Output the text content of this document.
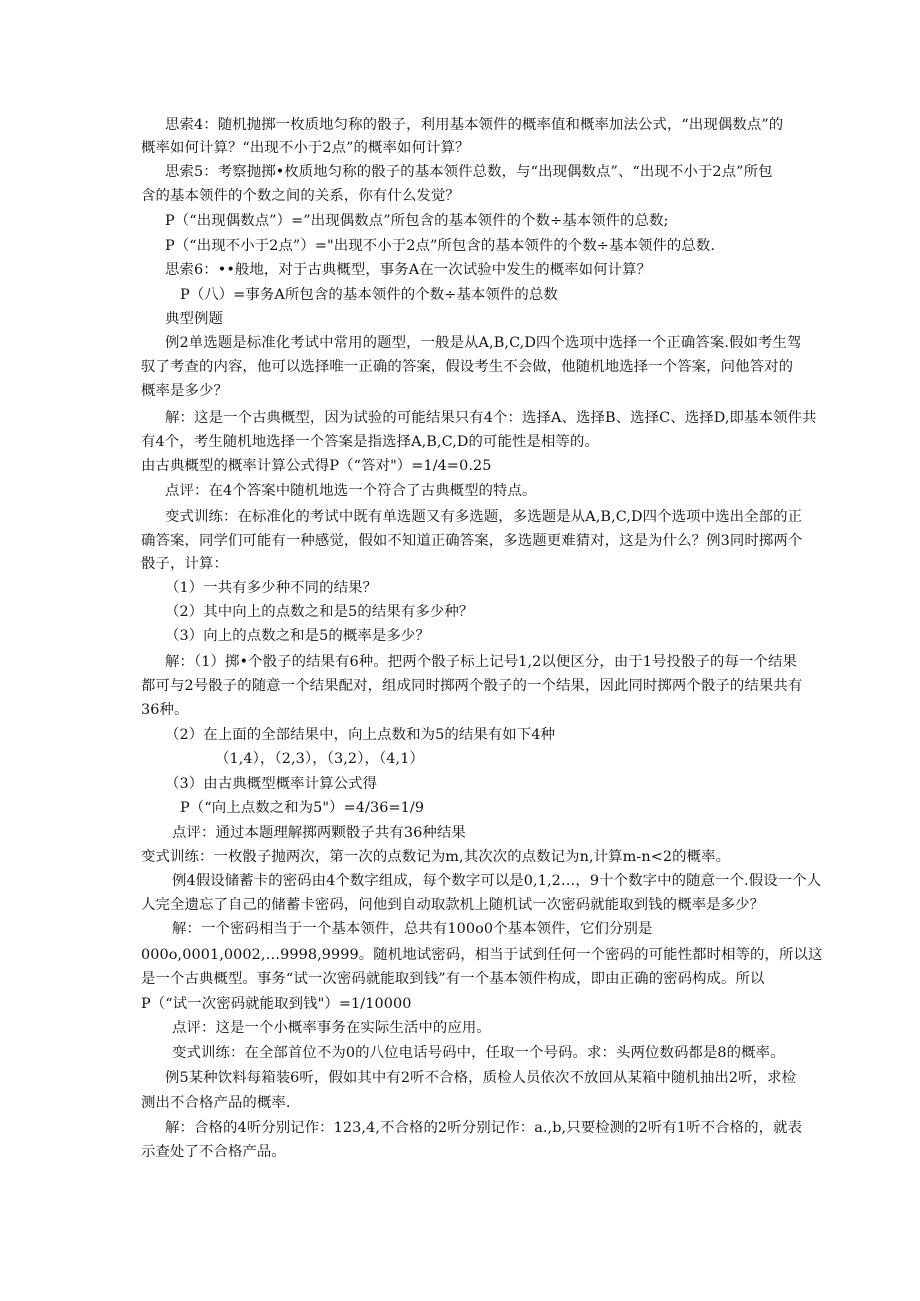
思索4：随机抛掷一枚质地匀称的骰子，利用基本领件的概率值和概率加法公式，“出现偶数点”的
概率如何计算？“出现不小于2点”的概率如何计算？
思索5：考察抛掷•枚质地匀称的骰子的基本领件总数，与“出现偶数点”、“出现不小于2点”所包
含的基本领件的个数之间的关系，你有什么发觉？
P（“出现偶数点”）=”出现偶数点”所包含的基本领件的个数÷基本领件的总数;
P（“出现不小于2点”）="出现不小于2点”所包含的基本领件的个数÷基本领件的总数.
思索6：••般地，对于古典概型，事务A在一次试验中发生的概率如何计算？
P（八）=事务A所包含的基本领件的个数÷基本领件的总数
典型例题
例2单选题是标准化考试中常用的题型，一般是从A,B,C,D四个选项中选择一个正确答案.假如考生驾
驭了考查的内容，他可以选择唯一正确的答案，假设考生不会做，他随机地选择一个答案，问他答对的
概率是多少？
解：这是一个古典概型，因为试验的可能结果只有4个：选择A、选择B、选择C、选择D,即基本领件共
有4个，考生随机地选择一个答案是指选择A,B,C,D的可能性是相等的。
由古典概型的概率计算公式得P（“答对"）=1/4=0.25
点评：在4个答案中随机地选一个符合了古典概型的特点。
变式训练：在标准化的考试中既有单选题又有多选题，多选题是从A,B,C,D四个选项中选出全部的正
确答案，同学们可能有一种感觉，假如不知道正确答案，多选题更难猜对，这是为什么？例3同时掷两个
骰子，计算：
（1）一共有多少种不同的结果？
（2）其中向上的点数之和是5的结果有多少种？
（3）向上的点数之和是5的概率是多少？
解：（1）掷•个骰子的结果有6种。把两个骰子标上记号1,2以便区分，由于1号投骰子的每一个结果
都可与2号骰子的随意一个结果配对，组成同时掷两个骰子的一个结果，因此同时掷两个骰子的结果共有
36种。
（2）在上面的全部结果中，向上点数和为5的结果有如下4种
（1,4），（2,3），（3,2），（4,1）
（3）由古典概型概率计算公式得
P（“向上点数之和为5"）=4/36=1/9
点评：通过本题理解掷两颗骰子共有36种结果
变式训练：一枚骰子抛两次，第一次的点数记为m,其次次的点数记为n,计算m-n<2的概率。
例4假设储蓄卡的密码由4个数字组成，每个数字可以是0,1,2…，9十个数字中的随意一个.假设一个人
人完全遗忘了自己的储蓄卡密码，问他到自动取款机上随机试一次密码就能取到钱的概率是多少？
解：一个密码相当于一个基本领件，总共有100o0个基本领件，它们分别是
000o,0001,0002,…9998,9999。随机地试密码，相当于试到任何一个密码的可能性都时相等的，所以这
是一个古典概型。事务“试一次密码就能取到钱”有一个基本领件构成，即由正确的密码构成。所以
P（“试一次密码就能取到钱"）=1/10000
点评：这是一个小概率事务在实际生活中的应用。
变式训练：在全部首位不为0的八位电话号码中，任取一个号码。求：头两位数码都是8的概率。
例5某种饮料每箱装6听，假如其中有2听不合格，质检人员依次不放回从某箱中随机抽出2听，求检
测出不合格产品的概率.
解：合格的4听分别记作：123,4,不合格的2听分别记作：a.,b,只要检测的2听有1听不合格的，就表
示查处了不合格产品。
